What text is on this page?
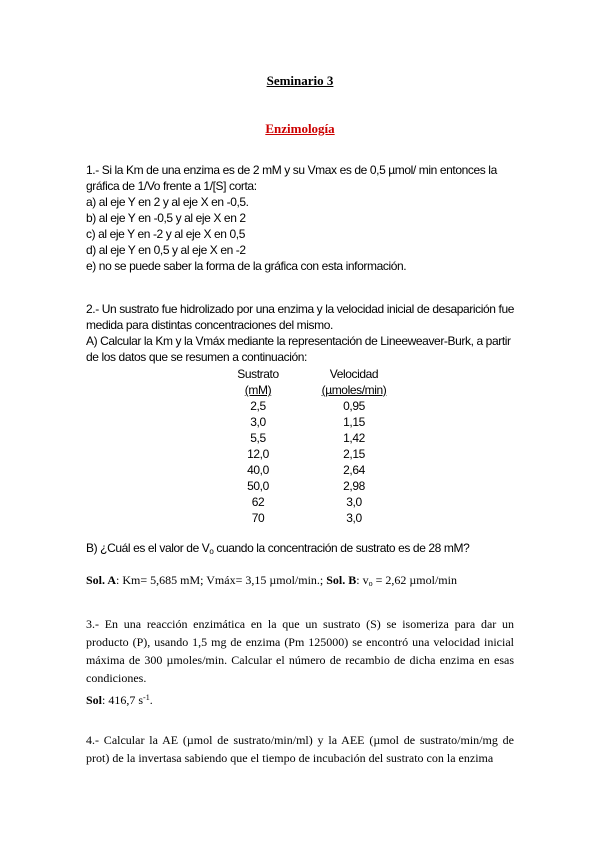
Seminario 3
Enzimología

1.- Si la Km de una enzima es de 2 mM y su Vmax es de 0,5 µmol/ min entonces la

gráfica de 1/Vo frente a 1/[S] corta:

a) al eje Y en 2 y al eje X en -0,5.

b) al eje Y en -0,5 y al eje X en 2

c) al eje Y en -2 y al eje X en 0,5

d) al eje Y en 0,5 y al eje X en -2

e) no se puede saber la forma de la gráfica con esta información.

2.- Un sustrato fue hidrolizado por una enzima y la velocidad inicial de desaparición fue

medida para distintas concentraciones del mismo.

A) Calcular la Km y la Vmáx mediante la representación de Lineeweaver-Burk, a partir

de los datos que se resumen a continuación:

Sustrato	Velocidad
(mM)	(µmoles/min)
2,5	0,95
3,0	1,15
5,5	1,42
12,0	2,15
40,0	2,64
50,0	2,98
62	3,0
70	3,0

B) ¿Cuál es el valor de $V_o$ cuando la concentración de sustrato es de 28 mM?

Sol. A: Km= 5,685 mM; Vmáx= 3,15 µmol/min.; Sol. B: $v_o = 2,62$ µmol/min

3.- En una reacción enzimática en la que un sustrato (S) se isomeriza para dar un producto (P), usando 1,5 mg de enzima (Pm 125000) se encontró una velocidad inicial máxima de 300 µmoles/min. Calcular el número de recambio de dicha enzima en esas condiciones.

Sol: 416,7 $s^{-1}$.

4.- Calcular la AE (µmol de sustrato/min/ml) y la AEE (µmol de sustrato/min/mg de prot) de la invertasa sabiendo que el tiempo de incubación del sustrato con la enzima
